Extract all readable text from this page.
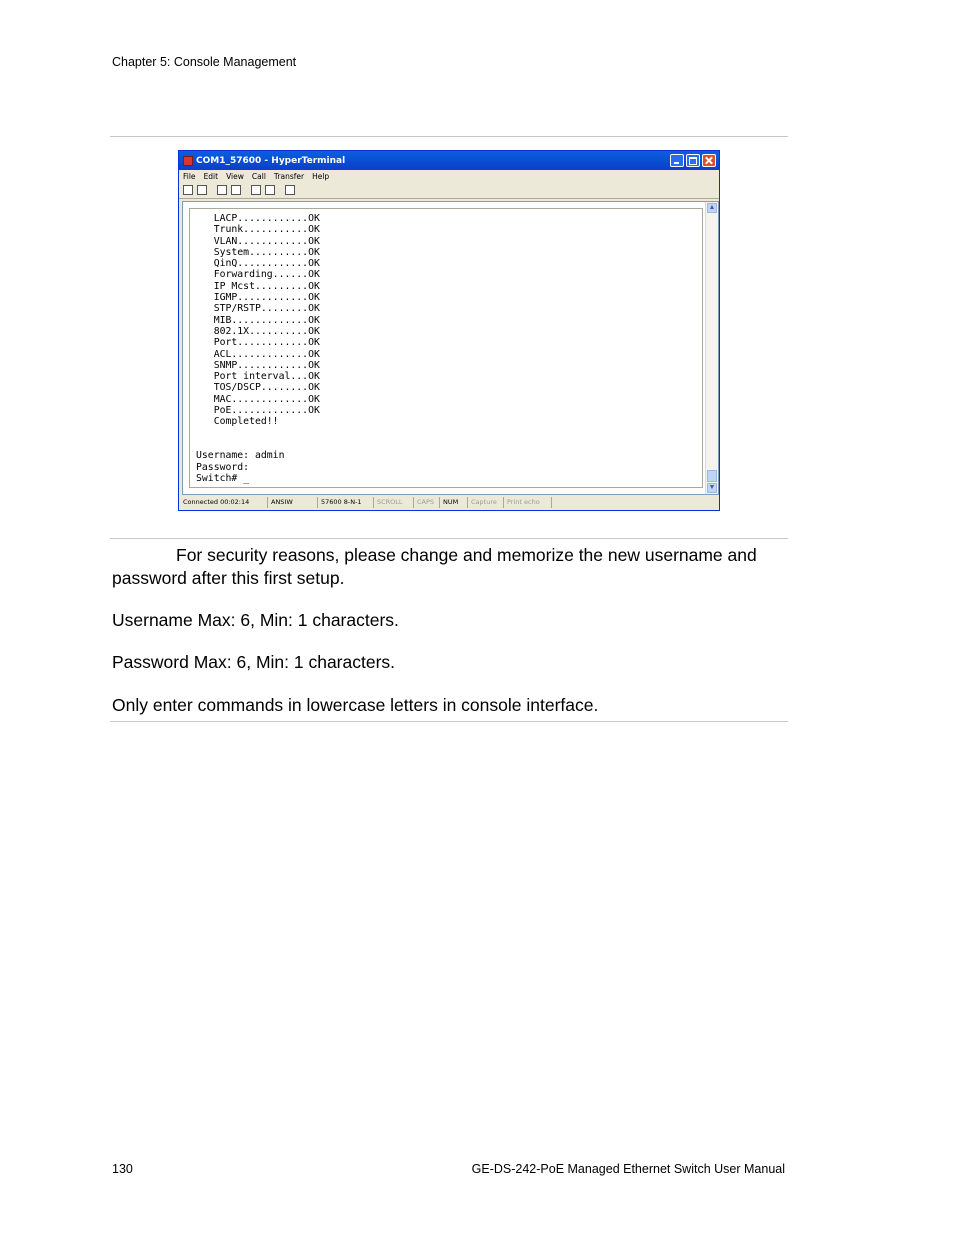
Chapter 5: Console Management
COM1_57600 - HyperTerminal
File Edit View Call Transfer Help
LACP............OK
Trunk...........OK
VLAN............OK
System..........OK
QinQ............OK
Forwarding......OK
IP Mcst.........OK
IGMP............OK
STP/RSTP........OK
MIB.............OK
802.1X..........OK
Port............OK
ACL.............OK
SNMP............OK
Port interval...OK
TOS/DSCP........OK
MAC.............OK
PoE.............OK
Completed!!

Username: admin
Password:
Switch# _
▲
▼
Connected 00:02:14	ANSIW	57600 8-N-1	SCROLL	CAPS	NUM	Capture	Print echo
For security reasons, please change and memorize the new username and password after this first setup.
Username Max: 6, Min: 1 characters.
Password Max: 6, Min: 1 characters.
Only enter commands in lowercase letters in console interface.
130	GE-DS-242-PoE Managed Ethernet Switch User Manual
